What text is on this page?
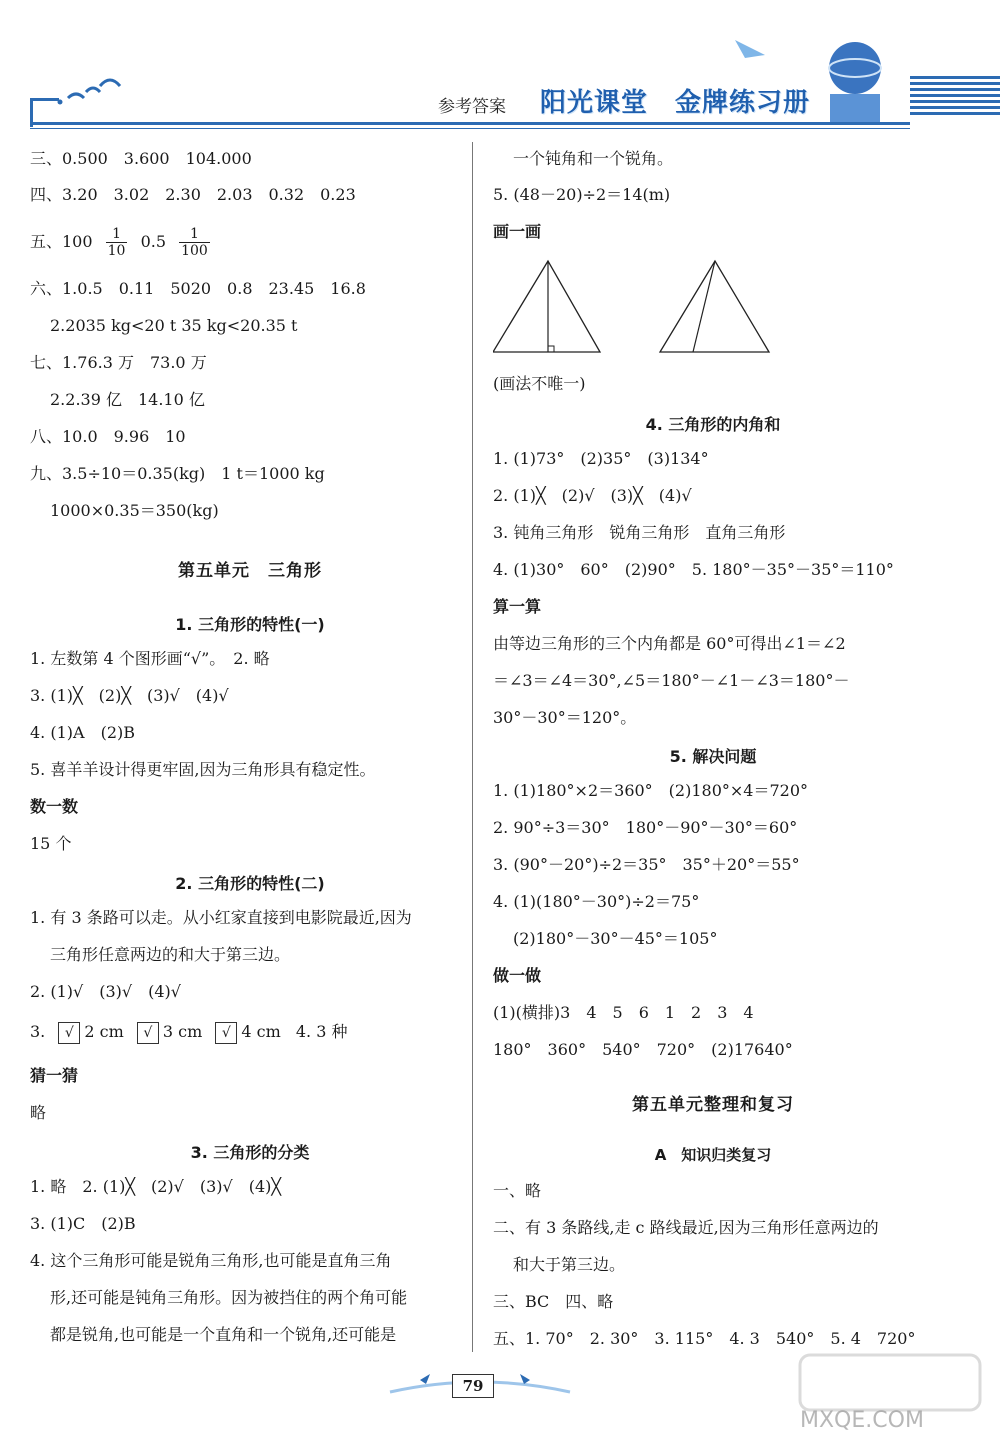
参考答案 阳光课堂　金牌练习册
三、0.500　3.600　104.000
四、3.20　3.02　2.30　2.03　0.32　0.23
五、$100 \frac{1}{10} 0.5 \frac{1}{100}$
六、1.0.5　0.11　5020　0.8　23.45　16.8
2.2035 kg<20 t 35 kg<20.35 t
七、1.76.3 万　73.0 万
2.2.39 亿　14.10 亿
八、10.0　9.96　10
九、3.5÷10＝0.35(kg)　1 t＝1000 kg
1000×0.35＝350(kg)
第五单元　三角形
1. 三角形的特性(一)
1. 左数第 4 个图形画“√”。　2. 略
3. (1)╳　(2)╳　(3)√　(4)√
4. (1)A　(2)B
5. 喜羊羊设计得更牢固,因为三角形具有稳定性。
数一数
15 个
2. 三角形的特性(二)
1. 有 3 条路可以走。从小红家直接到电影院最近,因为
三角形任意两边的和大于第三边。
2. (1)√　(3)√　(4)√
3. √ 2 cm √ 3 cm √ 4 cm 4. 3 种
猜一猜
略
3. 三角形的分类
1. 略　2. (1)╳　(2)√　(3)√　(4)╳
3. (1)C　(2)B
4. 这个三角形可能是锐角三角形,也可能是直角三角
形,还可能是钝角三角形。因为被挡住的两个角可能
都是锐角,也可能是一个直角和一个锐角,还可能是
一个钝角和一个锐角。
5. (48－20)÷2＝14(m)
画一画
(画法不唯一)
4. 三角形的内角和
1. (1)73°　(2)35°　(3)134°
2. (1)╳　(2)√　(3)╳　(4)√
3. 钝角三角形　锐角三角形　直角三角形
4. (1)30°　60°　(2)90°　5. 180°－35°－35°＝110°
算一算
由等边三角形的三个内角都是 60°可得出∠1＝∠2
＝∠3＝∠4＝30°,∠5＝180°－∠1－∠3＝180°－
30°－30°＝120°。
5. 解决问题
1. (1)180°×2＝360°　(2)180°×4＝720°
2. 90°÷3＝30°　180°－90°－30°＝60°
3. (90°－20°)÷2＝35°　35°＋20°＝55°
4. (1)(180°－30°)÷2＝75°
(2)180°－30°－45°＝105°
做一做
(1)(横排)3　4　5　6　1　2　3　4
180°　360°　540°　720°　(2)17640°
第五单元整理和复习
A　知识归类复习
一、略
二、有 3 条路线,走 c 路线最近,因为三角形任意两边的
和大于第三边。
三、BC　四、略
五、1. 70°　2. 30°　3. 115°　4. 3　540°　5. 4　720°
79
MXQE.COM
